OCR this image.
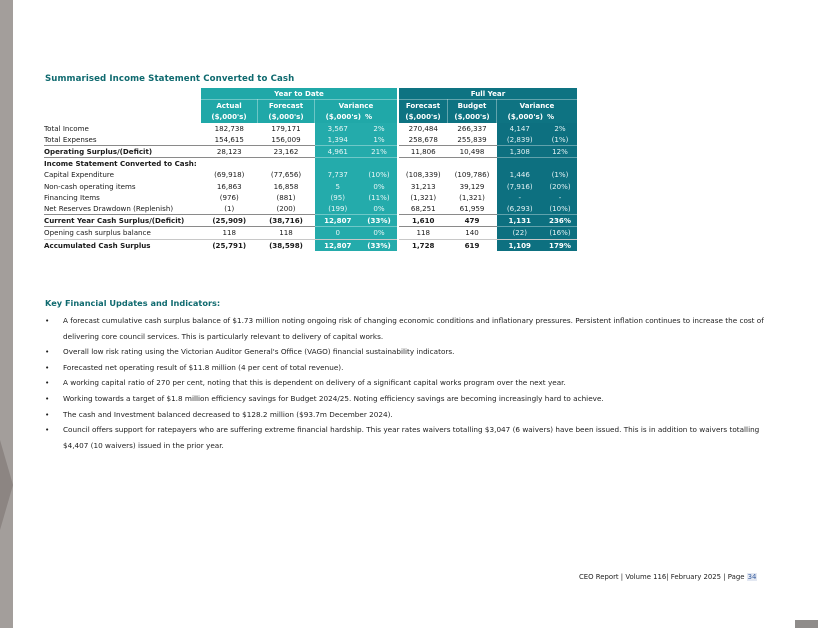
Summarised Income Statement Converted to Cash
	Year to Date				Full Year			
	Actual	Forecast	Variance		Forecast	Budget	Variance	
	($,000's)	($,000's)	($,000's)	%	($,000's)	($,000's)	($,000's)	%
Total Income	182,738	179,171	3,567	2%	270,484	266,337	4,147	2%
Total Expenses	154,615	156,009	1,394	1%	258,678	255,839	(2,839)	(1%)
Operating Surplus/(Deficit)	28,123	23,162	4,961	21%	11,806	10,498	1,308	12%
Income Statement Converted to Cash:								
Capital Expenditure	(69,918)	(77,656)	7,737	(10%)	(108,339)	(109,786)	1,446	(1%)
Non-cash operating items	16,863	16,858	5	0%	31,213	39,129	(7,916)	(20%)
Financing Items	(976)	(881)	(95)	(11%)	(1,321)	(1,321)	-	-
Net Reserves Drawdown (Replenish)	(1)	(200)	(199)	0%	68,251	61,959	(6,293)	(10%)
Current Year Cash Surplus/(Deficit)	(25,909)	(38,716)	12,807	(33%)	1,610	479	1,131	236%
Opening cash surplus balance	118	118	0	0%	118	140	(22)	(16%)
Accumulated Cash Surplus	(25,791)	(38,598)	12,807	(33%)	1,728	619	1,109	179%
Key Financial Updates and Indicators:
• A forecast cumulative cash surplus balance of $1.73 million noting ongoing risk of changing economic conditions and inflationary pressures. Persistent inflation continues to increase the cost of delivering core council services. This is particularly relevant to delivery of capital works.
• Overall low risk rating using the Victorian Auditor General's Office (VAGO) financial sustainability indicators.
• Forecasted net operating result of $11.8 million (4 per cent of total revenue).
• A working capital ratio of 270 per cent, noting that this is dependent on delivery of a significant capital works program over the next year.
• Working towards a target of $1.8 million efficiency savings for Budget 2024/25. Noting efficiency savings are becoming increasingly hard to achieve.
• The cash and Investment balanced decreased to $128.2 million ($93.7m December 2024).
• Council offers support for ratepayers who are suffering extreme financial hardship. This year rates waivers totalling $3,047 (6 waivers) have been issued. This is in addition to waivers totalling $4,407 (10 waivers) issued in the prior year.
CEO Report | Volume 116| February 2025 | Page 34
